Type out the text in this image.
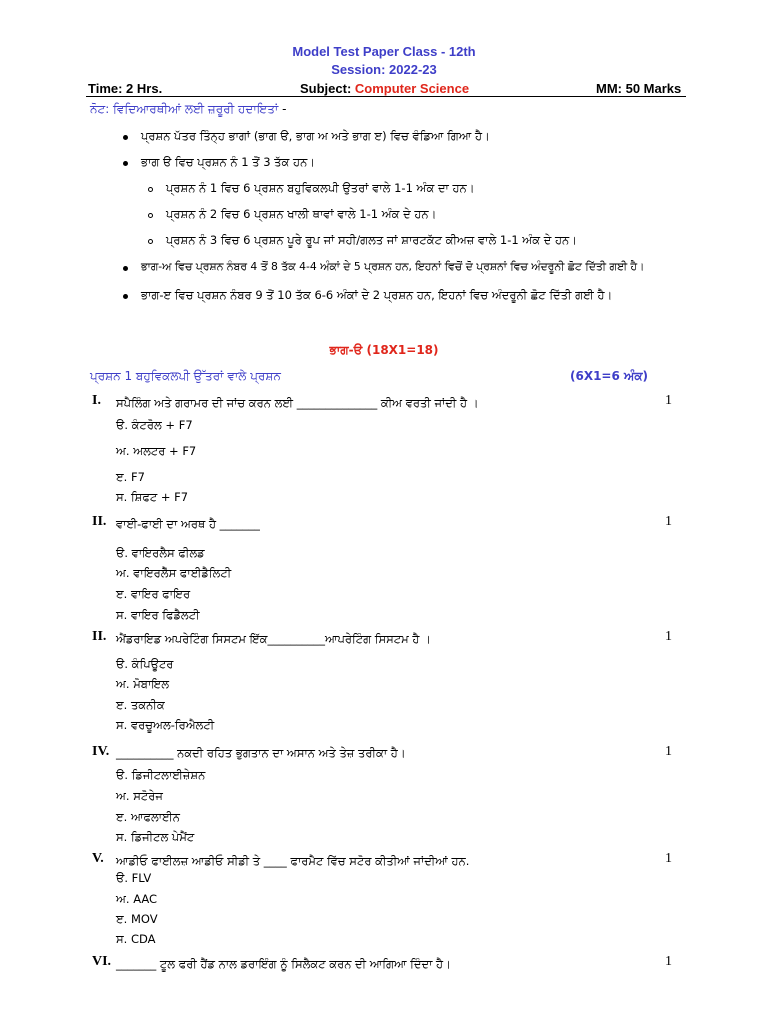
Model Test Paper Class - 12th
Session: 2022-23
Time: 2 Hrs.	Subject: Computer Science	MM: 50 Marks
ਨੋਟ: ਵਿਦਿਆਰਥੀਆਂ ਲਈ ਜ਼ਰੂਰੀ ਹਦਾਇਤਾਂ -
ਪ੍ਰਸ਼ਨ ਪੱਤਰ ਤਿੰਨ੍ਹ ਭਾਗਾਂ (ਭਾਗ ੳ, ਭਾਗ ਅ ਅਤੇ ਭਾਗ ੲ) ਵਿਚ ਵੰਡਿਆ ਗਿਆ ਹੈ।
ਭਾਗ ੳ ਵਿਚ ਪ੍ਰਸ਼ਨ ਨੰ 1 ਤੋਂ 3 ਤੱਕ ਹਨ।
ਪ੍ਰਸ਼ਨ ਨੰ 1 ਵਿਚ 6 ਪ੍ਰਸ਼ਨ ਬਹੁਵਿਕਲਪੀ ਉਤਰਾਂ ਵਾਲੇ 1-1 ਅੰਕ ਦਾ ਹਨ।
ਪ੍ਰਸ਼ਨ ਨੰ 2 ਵਿਚ 6 ਪ੍ਰਸ਼ਨ ਖਾਲੀ ਥਾਵਾਂ ਵਾਲੇ 1-1 ਅੰਕ ਦੇ ਹਨ।
ਪ੍ਰਸ਼ਨ ਨੰ 3 ਵਿਚ 6 ਪ੍ਰਸ਼ਨ ਪੂਰੇ ਰੂਪ ਜਾਂ ਸਹੀ/ਗਲਤ ਜਾਂ ਸ਼ਾਰਟਕੱਟ ਕੀਅਜ਼ ਵਾਲੇ 1-1 ਅੰਕ ਦੇ ਹਨ।
ਭਾਗ-ਅ ਵਿਚ ਪ੍ਰਸ਼ਨ ਨੰਬਰ 4 ਤੋਂ 8 ਤੱਕ 4-4 ਅੰਕਾਂ ਦੇ 5 ਪ੍ਰਸ਼ਨ ਹਨ, ਇਹਨਾਂ ਵਿਚੋਂ ਦੋ ਪ੍ਰਸ਼ਨਾਂ ਵਿਚ ਅੰਦਰੂਨੀ ਛੋਟ ਦਿੱਤੀ ਗਈ ਹੈ।
ਭਾਗ-ੲ ਵਿਚ ਪ੍ਰਸ਼ਨ ਨੰਬਰ 9 ਤੋਂ 10 ਤੱਕ 6-6 ਅੰਕਾਂ ਦੇ 2 ਪ੍ਰਸ਼ਨ ਹਨ, ਇਹਨਾਂ ਵਿਚ ਅੰਦਰੂਨੀ ਛੋਟ ਦਿੱਤੀ ਗਈ ਹੈ।
ਭਾਗ-ੳ (18X1=18)
ਪ੍ਰਸ਼ਨ 1 ਬਹੁਵਿਕਲਪੀ ਉੱਤਰਾਂ ਵਾਲੇ ਪ੍ਰਸ਼ਨ	(6X1=6 ਅੰਕ)
I. ਸਪੈਲਿੰਗ ਅਤੇ ਗਰਾਮਰ ਦੀ ਜਾਂਚ ਕਰਨ ਲਈ ______________ ਕੀਅ ਵਰਤੀ ਜਾਂਦੀ ਹੈ ।	1
ੳ. ਕੰਟਰੋਲ + F7
ਅ. ਅਲਟਰ + F7
ੲ. F7
ਸ. ਸ਼ਿਫਟ + F7
II. ਵਾਈ-ਫਾਈ ਦਾ ਅਰਥ ਹੈ _______	1
ੳ. ਵਾਇਰਲੈਸ ਫੀਲਡ
ਅ. ਵਾਇਰਲੈੱਸ ਫਾਈਡੈਲਿਟੀ
ੲ. ਵਾਇਰ ਫਾਇਰ
ਸ. ਵਾਇਰ ਫਿਡੈਲਟੀ
II. ਐਂਡਰਾਇਡ ਅਪਰੇਟਿੰਗ ਸਿਸਟਮ ਇੱਕ__________ਆਪਰੇਟਿੰਗ ਸਿਸਟਮ ਹੈ ।	1
ੳ. ਕੰਪਿਊਟਰ
ਅ. ਮੋਬਾਇਲ
ੲ. ਤਕਨੀਕ
ਸ. ਵਰਚੂਅਲ-ਰਿਐਲਟੀ
IV. __________ ਨਕਦੀ ਰਹਿਤ ਭੁਗਤਾਨ ਦਾ ਅਸਾਨ ਅਤੇ ਤੇਜ਼ ਤਰੀਕਾ ਹੈ।	1
ੳ. ਡਿਜੀਟਲਾਈਜ਼ੇਸ਼ਨ
ਅ. ਸਟੋਰੇਜ
ੲ. ਆਫਲਾਈਨ
ਸ. ਡਿਜੀਟਲ ਪੇਮੈਂਟ
V. ਆਡੀਓ ਫਾਈਲਜ਼ ਆਡੀਓ ਸੀਡੀ ਤੇ ____ ਫਾਰਮੈਟ ਵਿੱਚ ਸਟੋਰ ਕੀਤੀਆਂ ਜਾਂਦੀਆਂ ਹਨ.	1
ੳ. FLV
ਅ. AAC
ੲ. MOV
ਸ. CDA
VI. _______ ਟੂਲ ਫਰੀ ਹੈਂਡ ਨਾਲ ਡਰਾਇੰਗ ਨੂੰ ਸਿਲੈਕਟ ਕਰਨ ਦੀ ਆਗਿਆ ਦਿੰਦਾ ਹੈ।	1
